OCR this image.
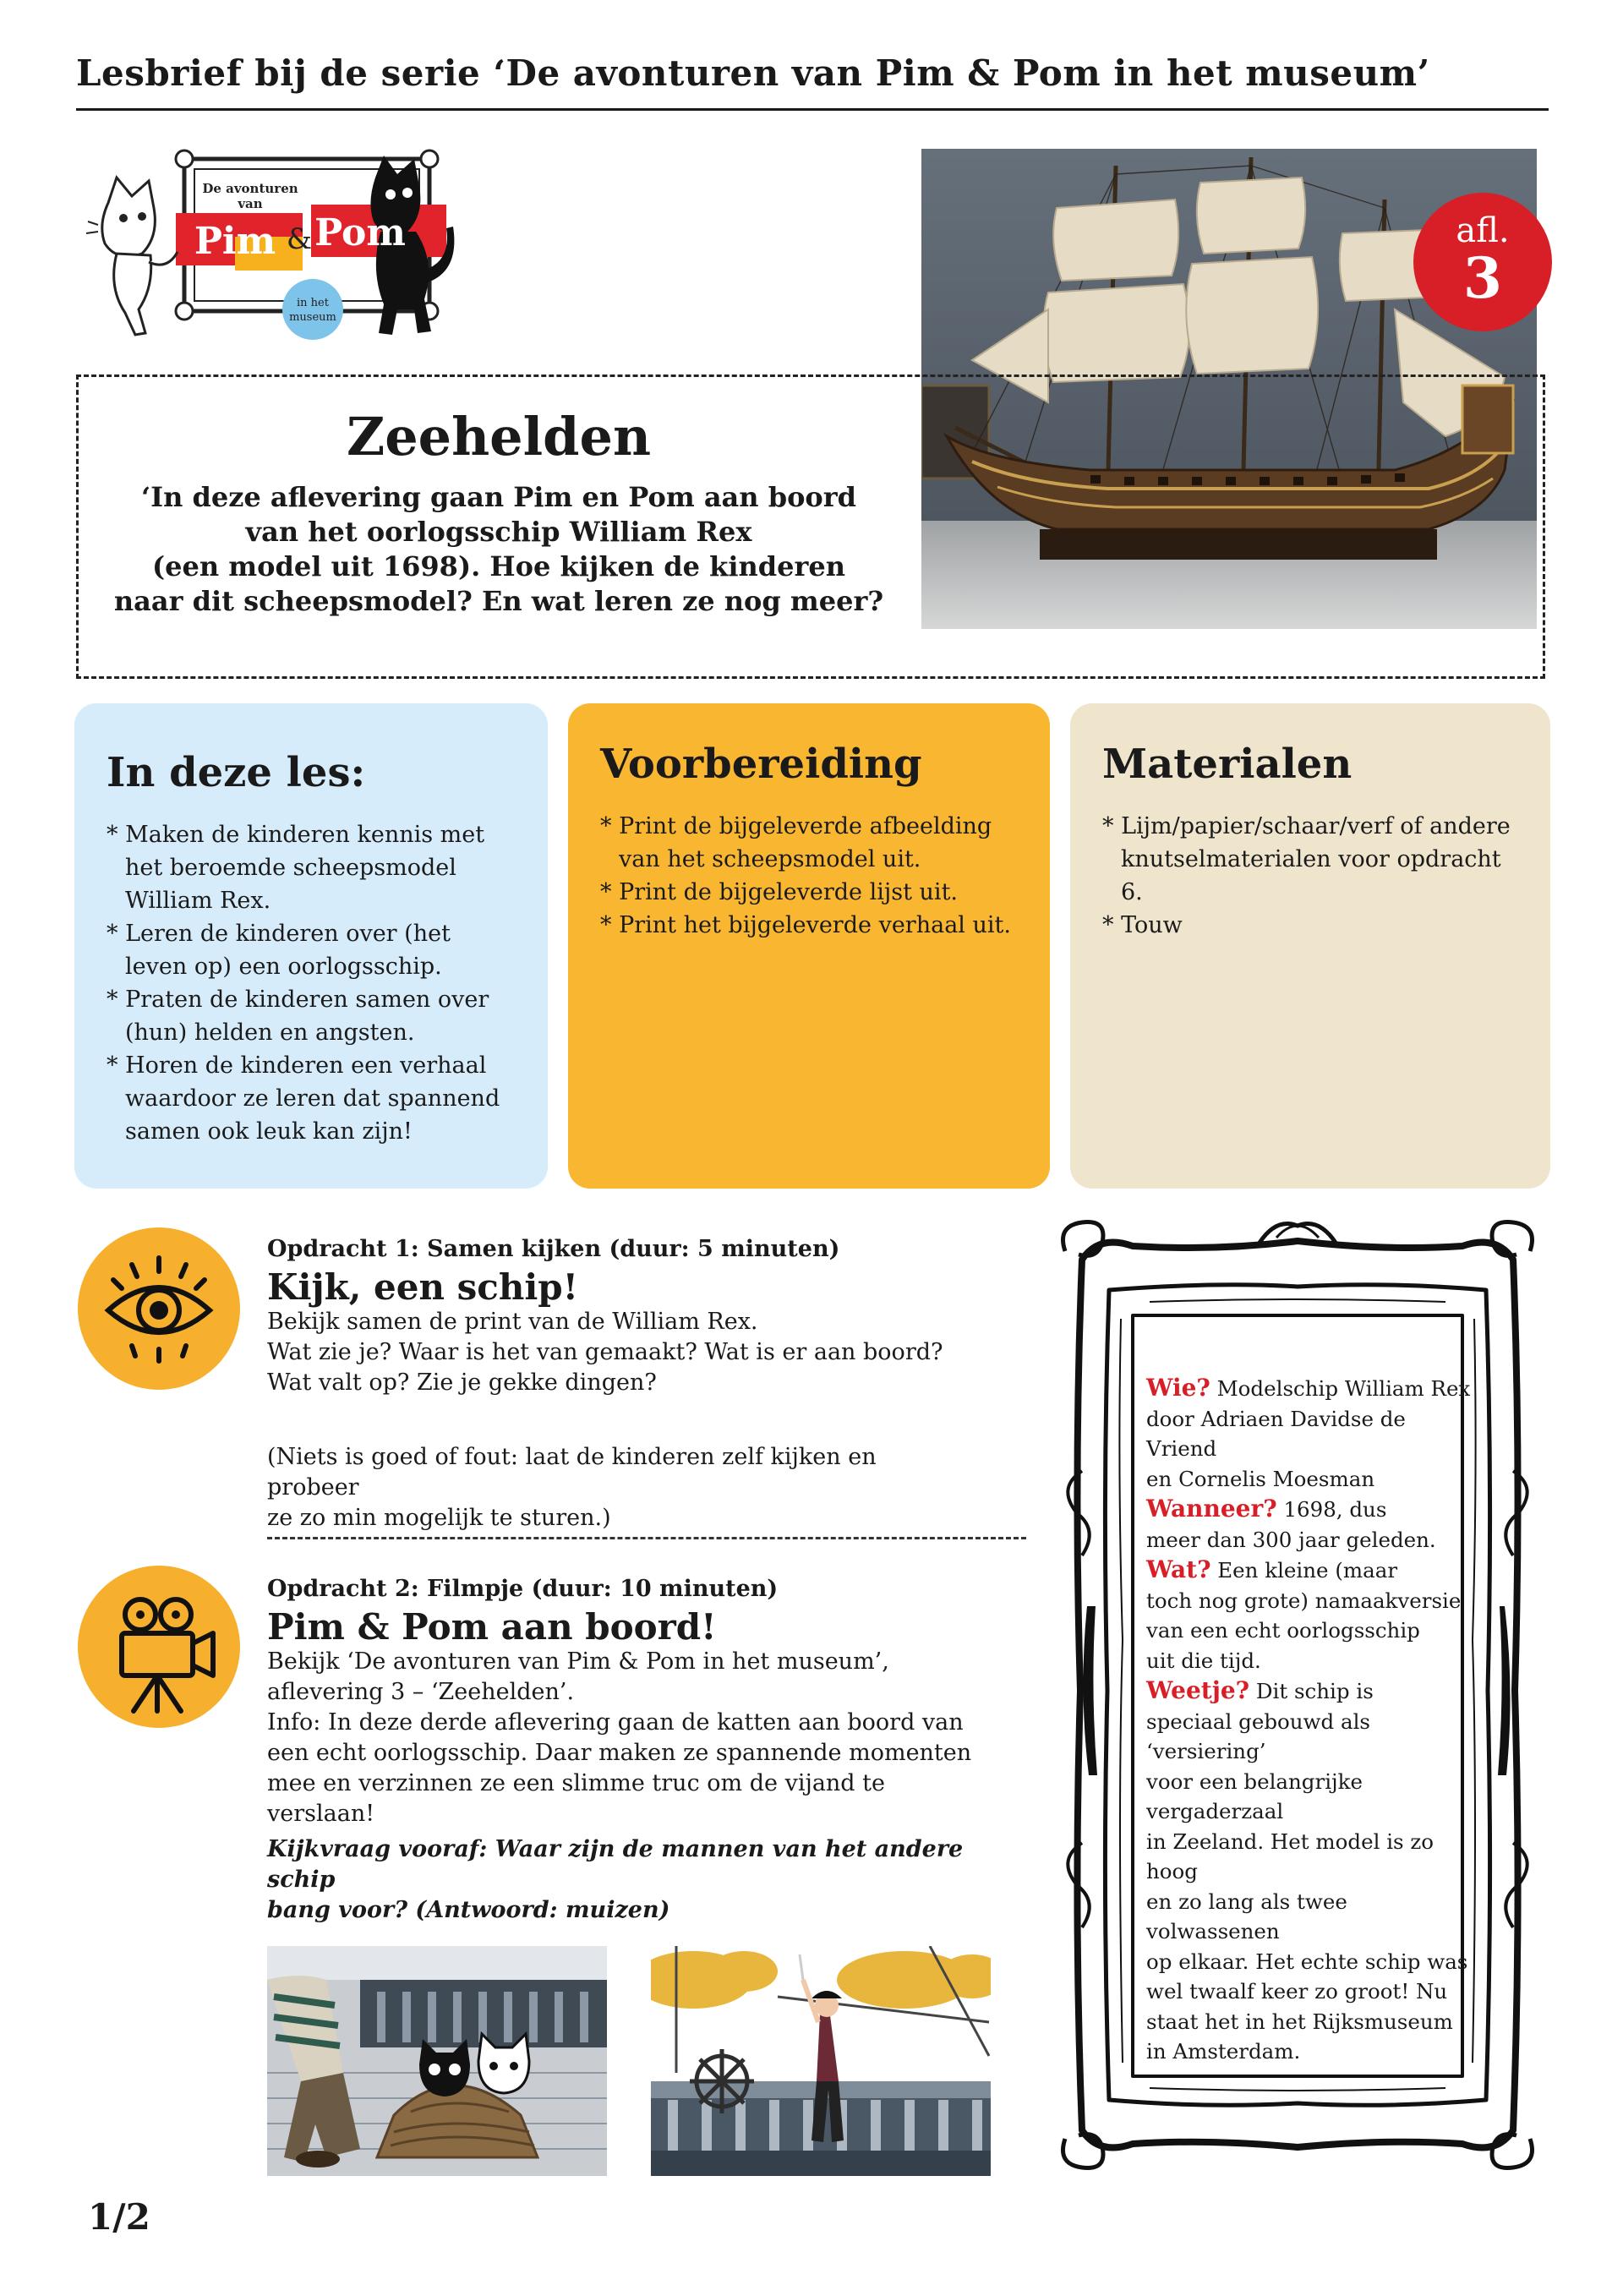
Lesbrief bij de serie ‘De avonturen van Pim & Pom in het museum’
De avonturen
van
Pim & Pom
in het
museum
afl.
3
Zeehelden
‘In deze aflevering gaan Pim en Pom aan boord
van het oorlogsschip William Rex
(een model uit 1698). Hoe kijken de kinderen
naar dit scheepsmodel? En wat leren ze nog meer?
In deze les:
* Maken de kinderen kennis met het beroemde scheepsmodel William Rex.
* Leren de kinderen over (het leven op) een oorlogsschip.
* Praten de kinderen samen over (hun) helden en angsten.
* Horen de kinderen een verhaal waardoor ze leren dat spannend samen ook leuk kan zijn!
Voorbereiding
* Print de bijgeleverde afbeelding van het scheepsmodel uit.
* Print de bijgeleverde lijst uit.
* Print het bijgeleverde verhaal uit.
Materialen
* Lijm/papier/schaar/verf of andere knutselmaterialen voor opdracht 6.
* Touw
Opdracht 1: Samen kijken (duur: 5 minuten)
Kijk, een schip!
Bekijk samen de print van de William Rex.
Wat zie je? Waar is het van gemaakt? Wat is er aan boord?
Wat valt op? Zie je gekke dingen?
(Niets is goed of fout: laat de kinderen zelf kijken en probeer
ze zo min mogelijk te sturen.)
Opdracht 2: Filmpje (duur: 10 minuten)
Pim & Pom aan boord!
Bekijk ‘De avonturen van Pim & Pom in het museum’,
aflevering 3 – ‘Zeehelden’.
Info: In deze derde aflevering gaan de katten aan boord van
een echt oorlogsschip. Daar maken ze spannende momenten
mee en verzinnen ze een slimme truc om de vijand te verslaan!
Kijkvraag vooraf: Waar zijn de mannen van het andere schip
bang voor? (Antwoord: muizen)
Wie? Modelschip William Rex
door Adriaen Davidse de Vriend
en Cornelis Moesman
Wanneer? 1698, dus
meer dan 300 jaar geleden.
Wat? Een kleine (maar
toch nog grote) namaakversie
van een echt oorlogsschip
uit die tijd.
Weetje? Dit schip is
speciaal gebouwd als ‘versiering’
voor een belangrijke vergaderzaal
in Zeeland. Het model is zo hoog
en zo lang als twee volwassenen
op elkaar. Het echte schip was
wel twaalf keer zo groot! Nu
staat het in het Rijksmuseum
in Amsterdam.
1/2
